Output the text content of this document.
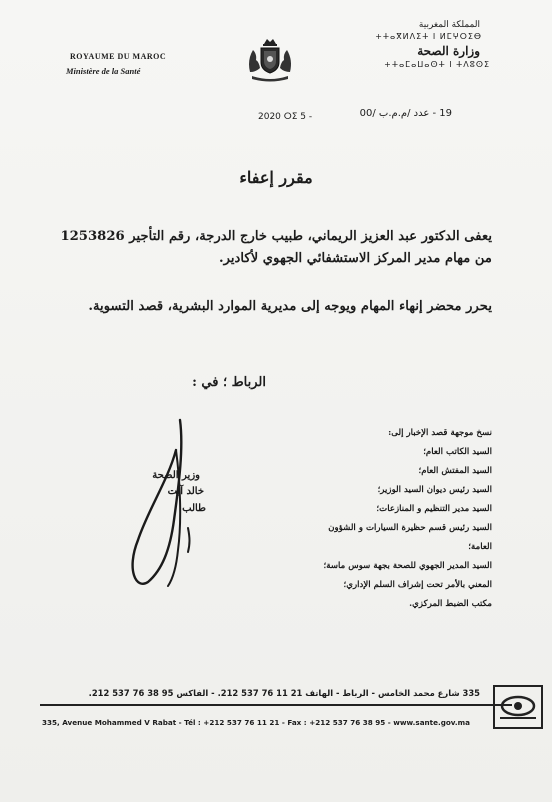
ROYAUME DU MAROC
Ministère de la Santé
المملكة المغربية
+ⵜⴰⴳⵍⴷⵉⵜ ⵏ ⵍⵎⵖⵔⵉⴱ
وزارة الصحة
+ⵜⴰⵎⴰⵡⴰⵙⵜ ⵏ ⵜⴷⵓⵙⵉ
2020 ⵔⵉ 5 -	19 - عدد /م.م.ب /00
مقرر إعفاء
يعفى الدكتور عبد العزيز الريماني، طبيب خارج الدرجة، رقم التأجير 1253826 من مهام مدير المركز الاستشفائي الجهوي لأكادير.
يحرر محضر إنهاء المهام ويوجه إلى مديرية الموارد البشرية، قصد التسوية.
الرباط ؛ في :
وزير الصحة
خالد آيت
طالب
نسخ موجهة قصد الإخبار إلى:
السيد الكاتب العام؛
السيد المفتش العام؛
السيد رئيس ديوان السيد الوزير؛
السيد مدير التنظيم و المنازعات؛
السيد رئيس قسم حظيرة السيارات و الشؤون العامة؛
السيد المدير الجهوي للصحة بجهة سوس ماسة؛
المعني بالأمر تحت إشراف السلم الإداري؛
مكتب الضبط المركزي.
335 شارع محمد الخامس - الرباط - الهاتف 21 11 76 537 212. - الفاكس 95 38 76 537 212.
335, Avenue Mohammed V Rabat - Tél : +212 537 76 11 21 - Fax : +212 537 76 38 95 - www.sante.gov.ma
